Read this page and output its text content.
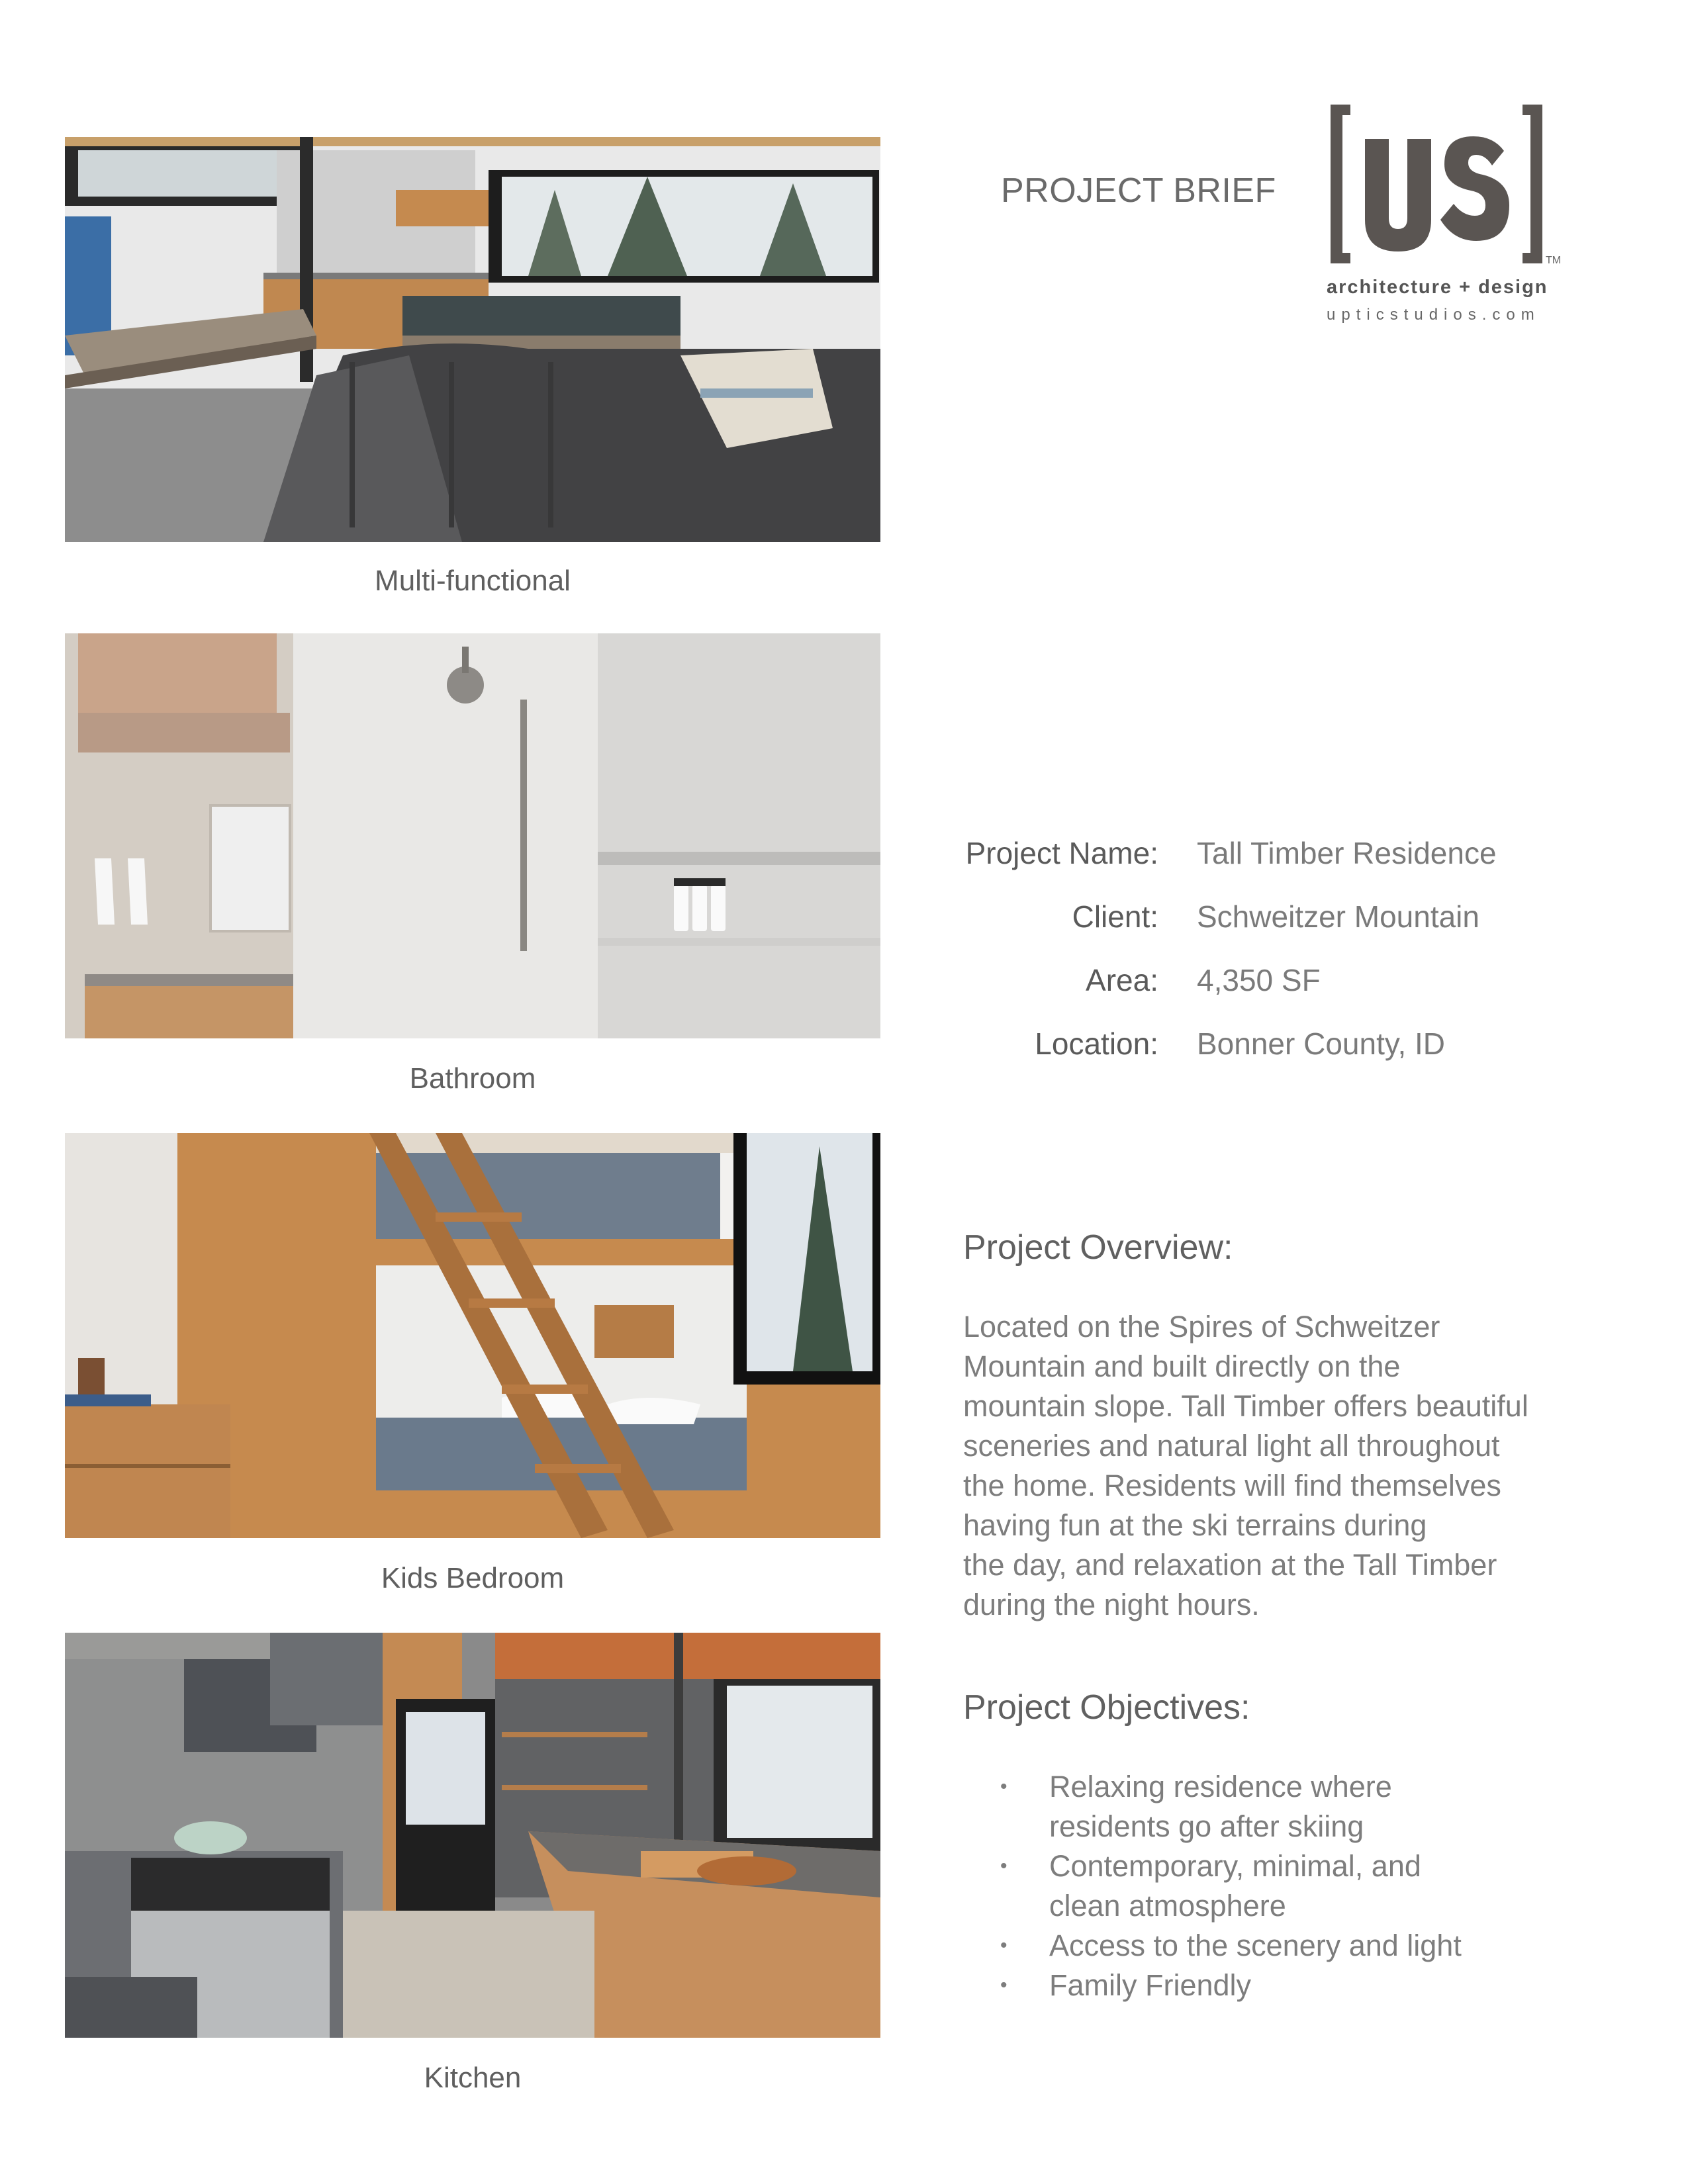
Multi-functional
Bathroom
Kids Bedroom
Kitchen
PROJECT BRIEF
TM
architecture + design
upticstudios.com
Project Name: Tall Timber Residence
Client: Schweitzer Mountain
Area: 4,350 SF
Location: Bonner County, ID
Project Overview:
Located on the Spires of Schweitzer
Mountain and built directly on the
mountain slope. Tall Timber offers beautiful
sceneries and natural light all throughout
the home. Residents will find themselves
having fun at the ski terrains during
the day, and relaxation at the Tall Timber
during the night hours.
Project Objectives:
• Relaxing residence where
residents go after skiing
• Contemporary, minimal, and
clean atmosphere
• Access to the scenery and light
• Family Friendly
